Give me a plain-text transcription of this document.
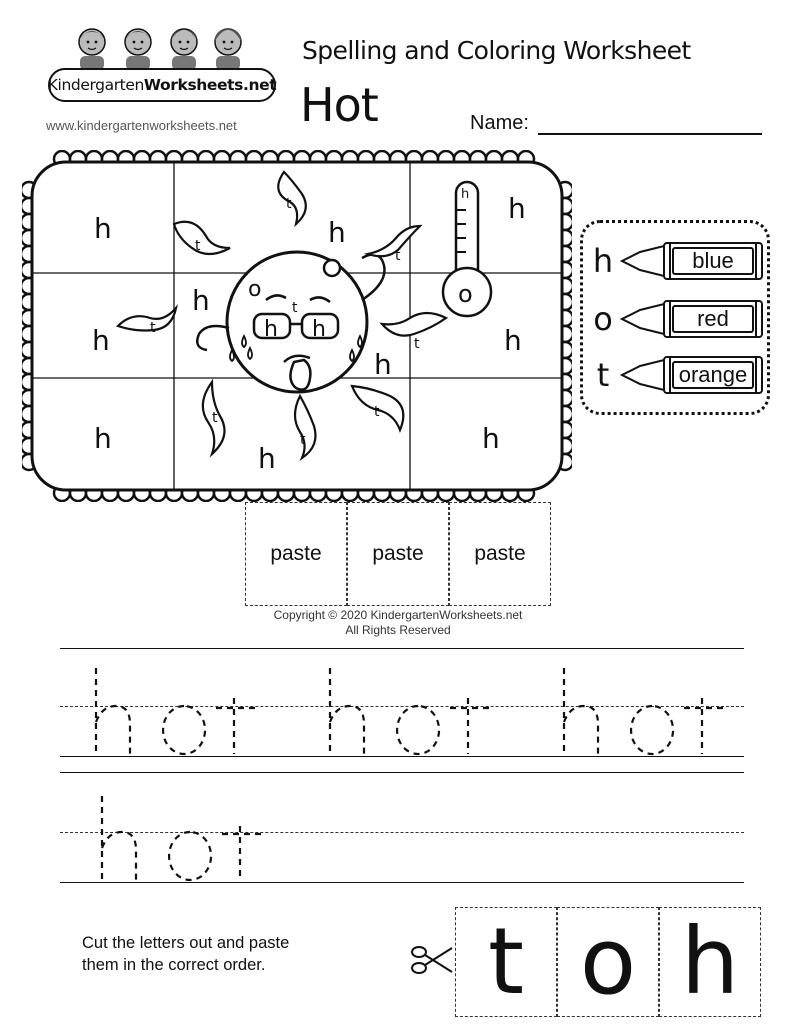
Kindergarten Worksheets.net
www.kindergartenworksheets.net
Spelling and Coloring Worksheet
Hot	Name:
h	h
h
h
h
h
h
h
h
h
o
h h
h
o
t
t
t
t
t
t	t
t
t
h	blue
o	red
t	orange
paste	paste	paste
Copyright © 2020 KindergartenWorksheets.net
All Rights Reserved
Cut the letters out and paste
them in the correct order.	t o h
